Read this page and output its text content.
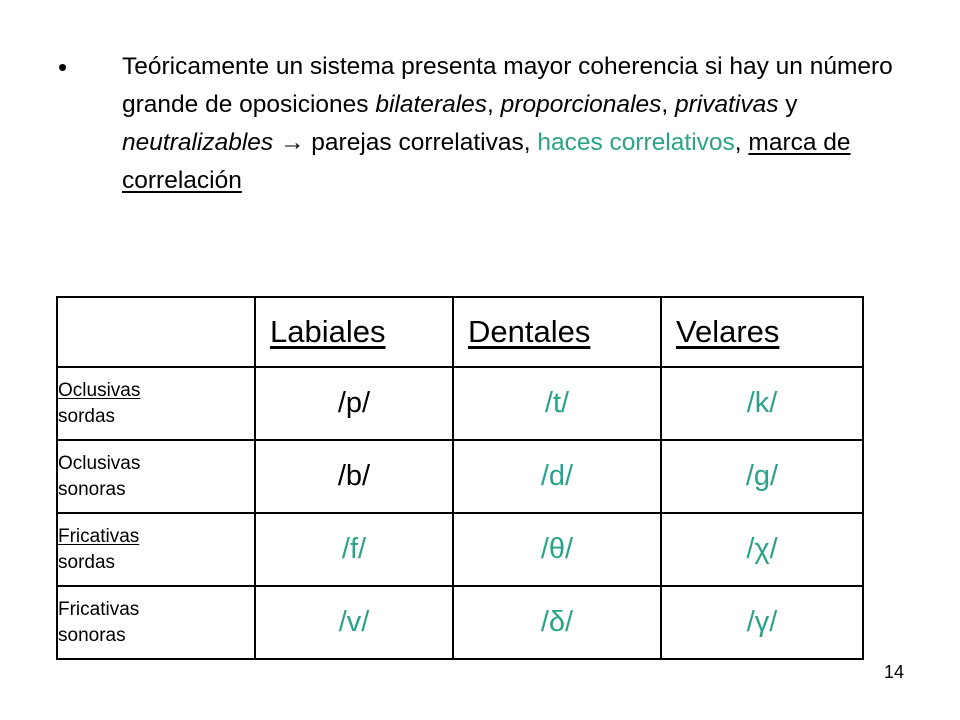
• Teóricamente un sistema presenta mayor coherencia si hay un número grande de oposiciones bilaterales, proporcionales, privativas y neutralizables → parejas correlativas, haces correlativos, marca de correlación
	Labiales	Dentales	Velares
Oclusivas
sordas	/p/	/t/	/k/
Oclusivas
sonoras	/b/	/d/	/g/
Fricativas
sordas	/f/	/θ/	/χ/
Fricativas
sonoras	/v/	/δ/	/γ/
14
